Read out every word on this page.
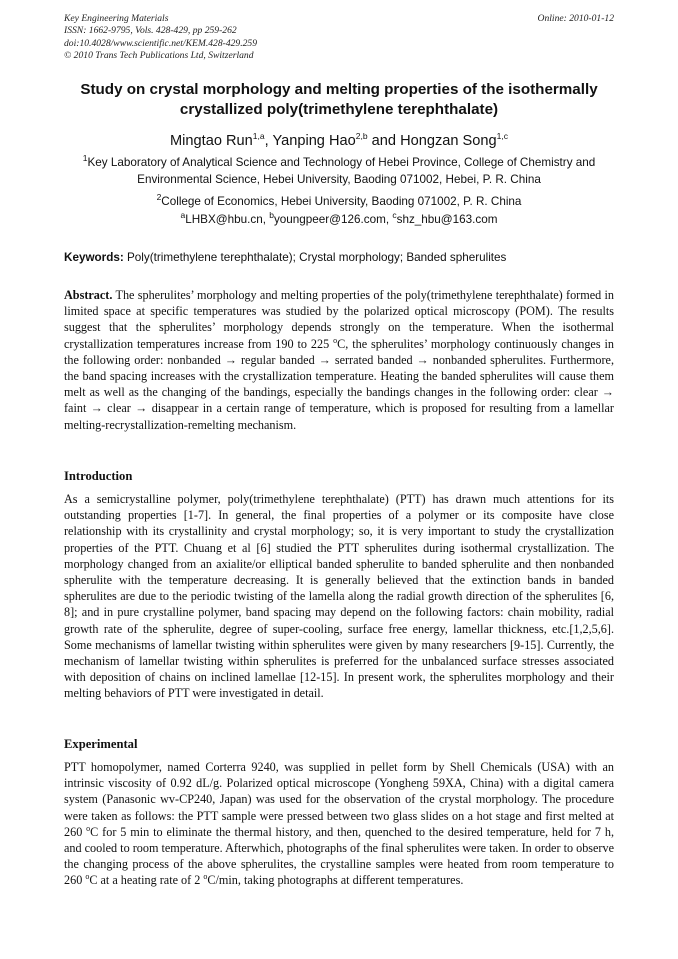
Key Engineering Materials
ISSN: 1662-9795, Vols. 428-429, pp 259-262
doi:10.4028/www.scientific.net/KEM.428-429.259
© 2010 Trans Tech Publications Ltd, Switzerland
Online: 2010-01-12
Study on crystal morphology and melting properties of the isothermally
crystallized poly(trimethylene terephthalate)
Mingtao Run$^{1,a}$, Yanping Hao$^{2,b}$ and Hongzan Song$^{1,c}$
$^1$Key Laboratory of Analytical Science and Technology of Hebei Province, College of Chemistry and
Environmental Science, Hebei University, Baoding 071002, Hebei, P. R. China
$^2$College of Economics, Hebei University, Baoding 071002, P. R. China
$^a$LHBX@hbu.cn, $^b$youngpeer@126.com, $^c$shz_hbu@163.com
Keywords: Poly(trimethylene terephthalate); Crystal morphology; Banded spherulites
Abstract. The spherulites’ morphology and melting properties of the poly(trimethylene terephthalate) formed in limited space at specific temperatures was studied by the polarized optical microscopy (POM). The results suggest that the spherulites’ morphology depends strongly on the temperature. When the isothermal crystallization temperatures increase from 190 to 225 $^o$C, the spherulites’ morphology continuously changes in the following order: nonbanded → regular banded → serrated banded → nonbanded spherulites. Furthermore, the band spacing increases with the crystallization temperature. Heating the banded spherulites will cause them melt as well as the changing of the bandings, especially the bandings changes in the following order: clear → faint → clear → disappear in a certain range of temperature, which is proposed for resulting from a lamellar melting-recrystallization-remelting mechanism.
Introduction
As a semicrystalline polymer, poly(trimethylene terephthalate) (PTT) has drawn much attentions for its outstanding properties [1-7]. In general, the final properties of a polymer or its composite have close relationship with its crystallinity and crystal morphology; so, it is very important to study the crystallization properties of the PTT. Chuang et al [6] studied the PTT spherulites during isothermal crystallization. The morphology changed from an axialite/or elliptical banded spherulite to banded spherulite and then nonbanded spherulite with the temperature decreasing. It is generally believed that the extinction bands in banded spherulites are due to the periodic twisting of the lamella along the radial growth direction of the spherulites [6, 8]; and in pure crystalline polymer, band spacing may depend on the following factors: chain mobility, radial growth rate of the spherulite, degree of super-cooling, surface free energy, lamellar thickness, etc.[1,2,5,6]. Some mechanisms of lamellar twisting within spherulites were given by many researchers [9-15]. Currently, the mechanism of lamellar twisting within spherulites is preferred for the unbalanced surface stresses associated with deposition of chains on inclined lamellae [12-15]. In present work, the spherulites morphology and their melting behaviors of PTT were investigated in detail.
Experimental
PTT homopolymer, named Corterra 9240, was supplied in pellet form by Shell Chemicals (USA) with an intrinsic viscosity of 0.92 dL/g. Polarized optical microscope (Yongheng 59XA, China) with a digital camera system (Panasonic wv-CP240, Japan) was used for the observation of the crystal morphology. The procedure were taken as follows: the PTT sample were pressed between two glass slides on a hot stage and first melted at 260 $^o$C for 5 min to eliminate the thermal history, and then, quenched to the desired temperature, held for 7 h, and cooled to room temperature. Afterwhich, photographs of the final spherulites were taken. In order to observe the changing process of the above spherulites, the crystalline samples were heated from room temperature to 260 $^o$C at a heating rate of 2 $^o$C/min, taking photographs at different temperatures.
